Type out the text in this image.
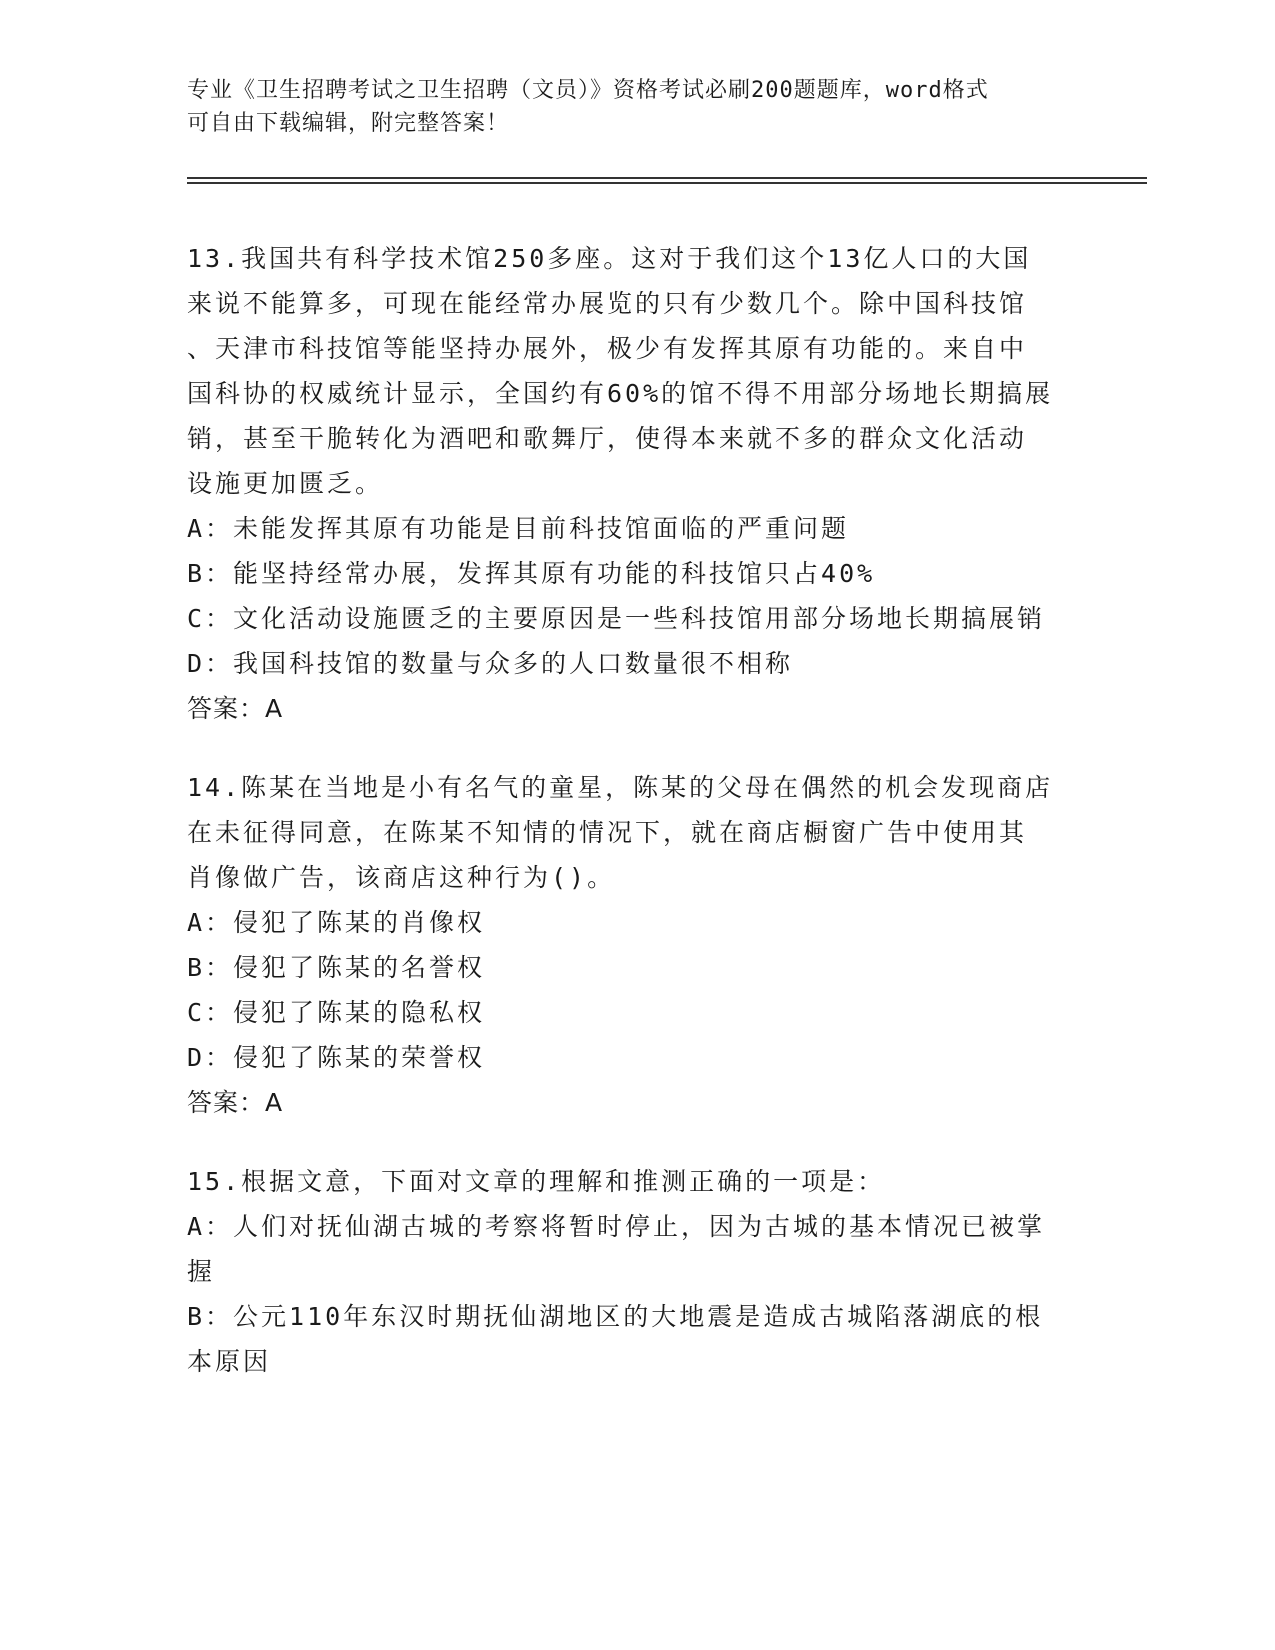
专业《卫生招聘考试之卫生招聘（文员）》资格考试必刷200题题库，word格式
可自由下载编辑，附完整答案！

13.我国共有科学技术馆250多座。这对于我们这个13亿人口的大国

来说不能算多，可现在能经常办展览的只有少数几个。除中国科技馆

、天津市科技馆等能坚持办展外，极少有发挥其原有功能的。来自中

国科协的权威统计显示，全国约有60%的馆不得不用部分场地长期搞展

销，甚至干脆转化为酒吧和歌舞厅，使得本来就不多的群众文化活动

设施更加匮乏。

A：未能发挥其原有功能是目前科技馆面临的严重问题

B：能坚持经常办展，发挥其原有功能的科技馆只占40%

C：文化活动设施匮乏的主要原因是一些科技馆用部分场地长期搞展销

D：我国科技馆的数量与众多的人口数量很不相称

答案：A

14.陈某在当地是小有名气的童星，陈某的父母在偶然的机会发现商店

在未征得同意，在陈某不知情的情况下，就在商店橱窗广告中使用其

肖像做广告，该商店这种行为()。

A：侵犯了陈某的肖像权

B：侵犯了陈某的名誉权

C：侵犯了陈某的隐私权

D：侵犯了陈某的荣誉权

答案：A

15.根据文意，下面对文章的理解和推测正确的一项是：

A：人们对抚仙湖古城的考察将暂时停止，因为古城的基本情况已被掌

握

B：公元110年东汉时期抚仙湖地区的大地震是造成古城陷落湖底的根

本原因
